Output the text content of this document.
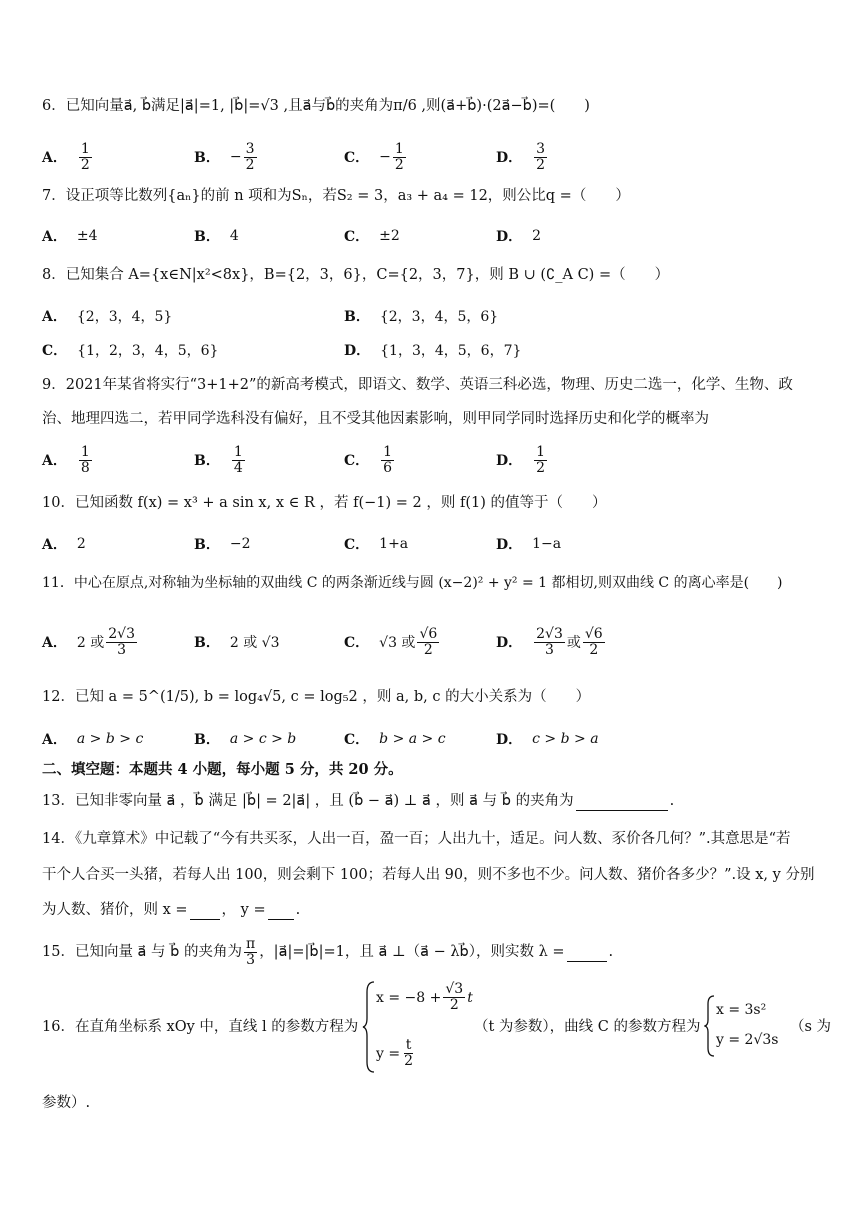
6．已知向量a⃗, b⃗满足|a⃗|=1, |b⃗|=√3 ,且a⃗与b⃗的夹角为π/6 ,则(a⃗+b⃗)·(2a⃗−b⃗)=(　　)
A． $\frac{1}{2}$	B． − $\frac{3}{2}$	C． − $\frac{1}{2}$	D． $\frac{3}{2}$
7．设正项等比数列{aₙ}的前 n 项和为Sₙ，若S₂ = 3，a₃ + a₄ = 12，则公比q =（　　）
A． ±4	B． 4	C． ±2	D． 2
8．已知集合 A={x∈N|x²<8x}，B={2，3，6}，C={2，3，7}，则 B ∪ (∁_A C) =（　　）
A． {2，3，4，5}	B． {2，3，4，5，6}
C． {1，2，3，4，5，6}	D． {1，3，4，5，6，7}
9．2021年某省将实行“3+1+2”的新高考模式，即语文、数学、英语三科必选，物理、历史二选一，化学、生物、政
治、地理四选二，若甲同学选科没有偏好，且不受其他因素影响，则甲同学同时选择历史和化学的概率为
A． $\frac{1}{8}$	B． $\frac{1}{4}$	C． $\frac{1}{6}$	D． $\frac{1}{2}$
10．已知函数 f(x) = x³ + a sin x, x ∈ R ，若 f(−1) = 2 ，则 f(1) 的值等于（　　）
A． 2	B． −2	C． 1+a	D． 1−a
11．中心在原点,对称轴为坐标轴的双曲线 C 的两条渐近线与圆 (x−2)² + y² = 1 都相切,则双曲线 C 的离心率是(　　)
A． 2 或 $\frac{2√3}{3}$	B． 2 或 √3	C． √3 或 $\frac{√6}{2}$	D． $\frac{2√3}{3}$ 或 $\frac{√6}{2}$
12．已知 a = 5^(1/5), b = log₄√5, c = log₅2 ，则 a, b, c 的大小关系为（　　）
A． a > b > c	B． a > c > b	C． b > a > c	D． c > b > a
二、填空题：本题共 4 小题，每小题 5 分，共 20 分。
13．已知非零向量 a⃗ ，b⃗ 满足 |b⃗| = 2|a⃗| ，且 (b⃗ − a⃗) ⊥ a⃗ ，则 a⃗ 与 b⃗ 的夹角为	.
14．《九章算术》中记载了“今有共买豕，人出一百，盈一百；人出九十，适足。问人数、豕价各几何？”.其意思是“若
干个人合买一头猪，若每人出 100，则会剩下 100；若每人出 90，则不多也不少。问人数、猪价各多少？”.设 x, y 分别
为人数、猪价，则 x = ， y = .
15．已知向量 a⃗ 与 b⃗ 的夹角为 $\frac{\pi}{3}$ ，|a⃗|=|b⃗|=1，且 a⃗ ⊥（a⃗ − λb⃗），则实数 λ =
	.
16．在直角坐标系 xOy 中，直线 l 的参数方程为
$x = -8 + \frac{√3}{2}$ t
$y = \frac{t}{2}$
（t 为参数），曲线 C 的参数方程为
x = 3s²
y = 2√3s
（s 为
参数）.
